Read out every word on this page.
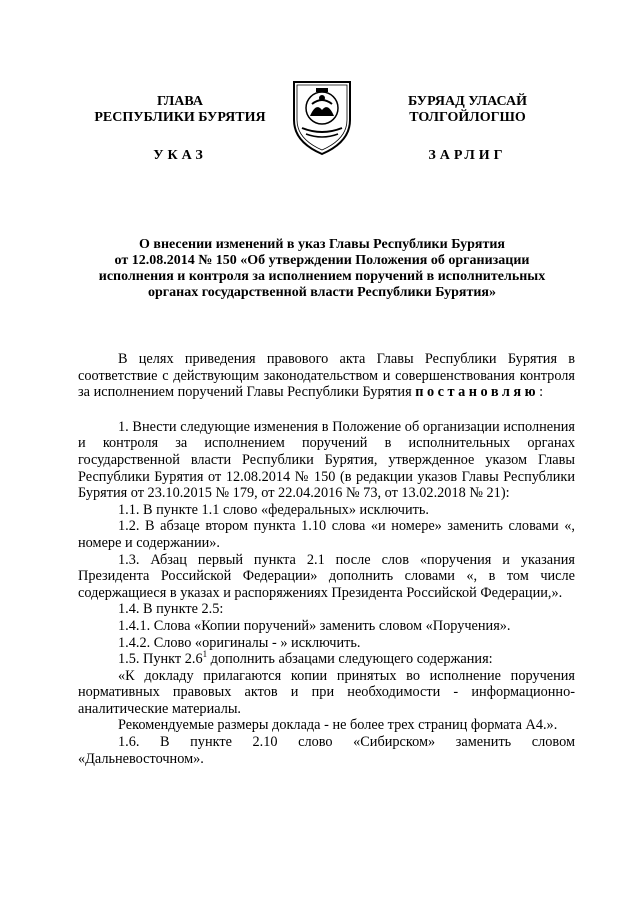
ГЛАВА
РЕСПУБЛИКИ БУРЯТИЯ
БУРЯАД УЛАСАЙ
ТОЛГОЙЛОГШО
УКАЗ	ЗАРЛИГ
О внесении изменений в указ Главы Республики Бурятия
от 12.08.2014 № 150 «Об утверждении Положения об организации
исполнения и контроля за исполнением поручений в исполнительных
органах государственной власти Республики Бурятия»

В целях приведения правового акта Главы Республики Бурятия в соответствие с действующим законодательством и совершенствования контроля за исполнением поручений Главы Республики Бурятия постановляю:

1. Внести следующие изменения в Положение об организации исполнения и контроля за исполнением поручений в исполнительных органах государственной власти Республики Бурятия, утвержденное указом Главы Республики Бурятия от 12.08.2014 № 150 (в редакции указов Главы Республики Бурятия от 23.10.2015 № 179, от 22.04.2016 № 73, от 13.02.2018 № 21):

1.1. В пункте 1.1 слово «федеральных» исключить.

1.2. В абзаце втором пункта 1.10 слова «и номере» заменить словами «, номере и содержании».

1.3. Абзац первый пункта 2.1 после слов «поручения и указания Президента Российской Федерации» дополнить словами «, в том числе содержащиеся в указах и распоряжениях Президента Российской Федерации,».

1.4. В пункте 2.5:

1.4.1. Слова «Копии поручений» заменить словом «Поручения».

1.4.2. Слово «оригиналы - » исключить.

1.5. Пункт $2.6^1$ дополнить абзацами следующего содержания:

«К докладу прилагаются копии принятых во исполнение поручения нормативных правовых актов и при необходимости - информационно-аналитические материалы.

Рекомендуемые размеры доклада - не более трех страниц формата А4.».

1.6. В пункте 2.10 слово «Сибирском» заменить словом «Дальневосточном».
